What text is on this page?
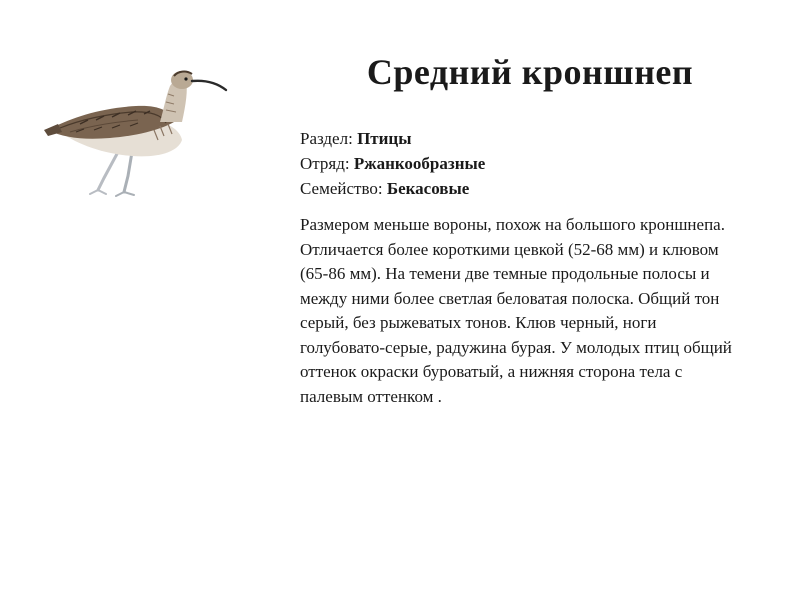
Средний кроншнеп
Раздел: Птицы
Отряд: Ржанкообразные
Семейство: Бекасовые

Размером меньше вороны, похож на большого кроншнепа. Отличается более короткими цевкой (52-68 мм) и клювом (65-86 мм). На темени две темные продольные полосы и между ними более светлая беловатая полоска. Общий тон серый, без рыжеватых тонов. Клюв черный, ноги голубовато-серые, радужина бурая. У молодых птиц общий оттенок окраски буроватый, а нижняя сторона тела с палевым оттенком .
